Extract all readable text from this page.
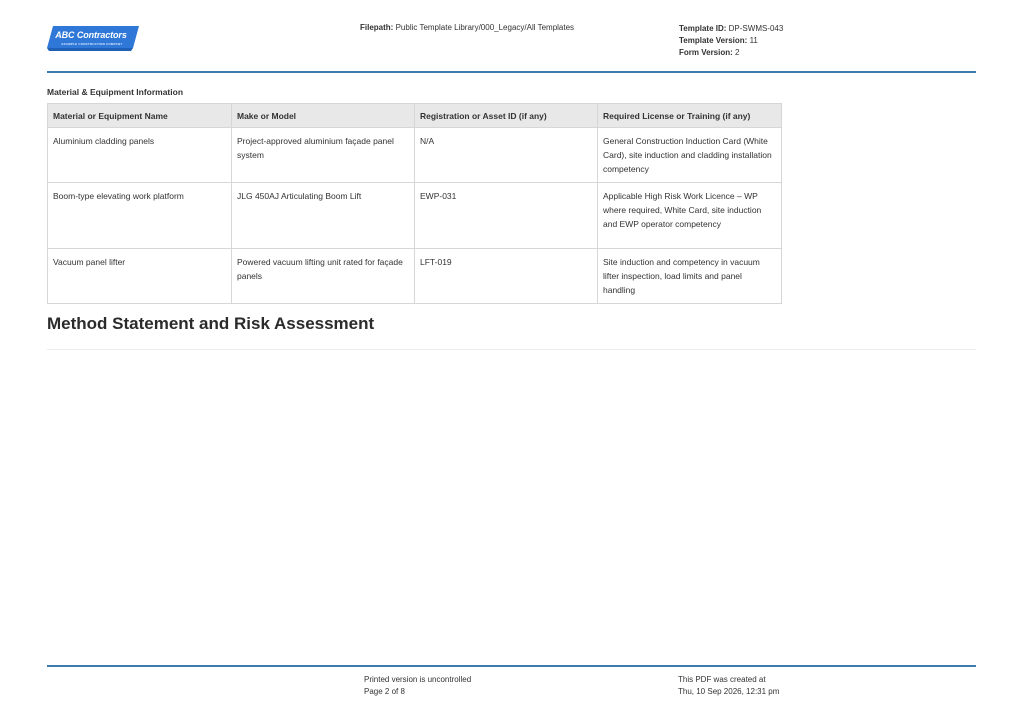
ABC Contractors
EXAMPLE CONSTRUCTION COMPANY
Filepath: Public Template Library/000_Legacy/All Templates	Template ID: DP-SWMS-043
Template Version: 11
Form Version: 2
Material & Equipment Information
Material or Equipment Name	Make or Model	Registration or Asset ID (if any)	Required License or Training (if any)
Aluminium cladding panels	Project-approved aluminium façade panel system	N/A	General Construction Induction Card (White Card), site induction and cladding installation competency
Boom-type elevating work platform	JLG 450AJ Articulating Boom Lift	EWP-031	Applicable High Risk Work Licence – WP where required, White Card, site induction and EWP operator competency
Vacuum panel lifter	Powered vacuum lifting unit rated for façade panels	LFT-019	Site induction and competency in vacuum lifter inspection, load limits and panel handling
Method Statement and Risk Assessment
Printed version is uncontrolled
Page 2 of 8
This PDF was created at
Thu, 10 Sep 2026, 12:31 pm
